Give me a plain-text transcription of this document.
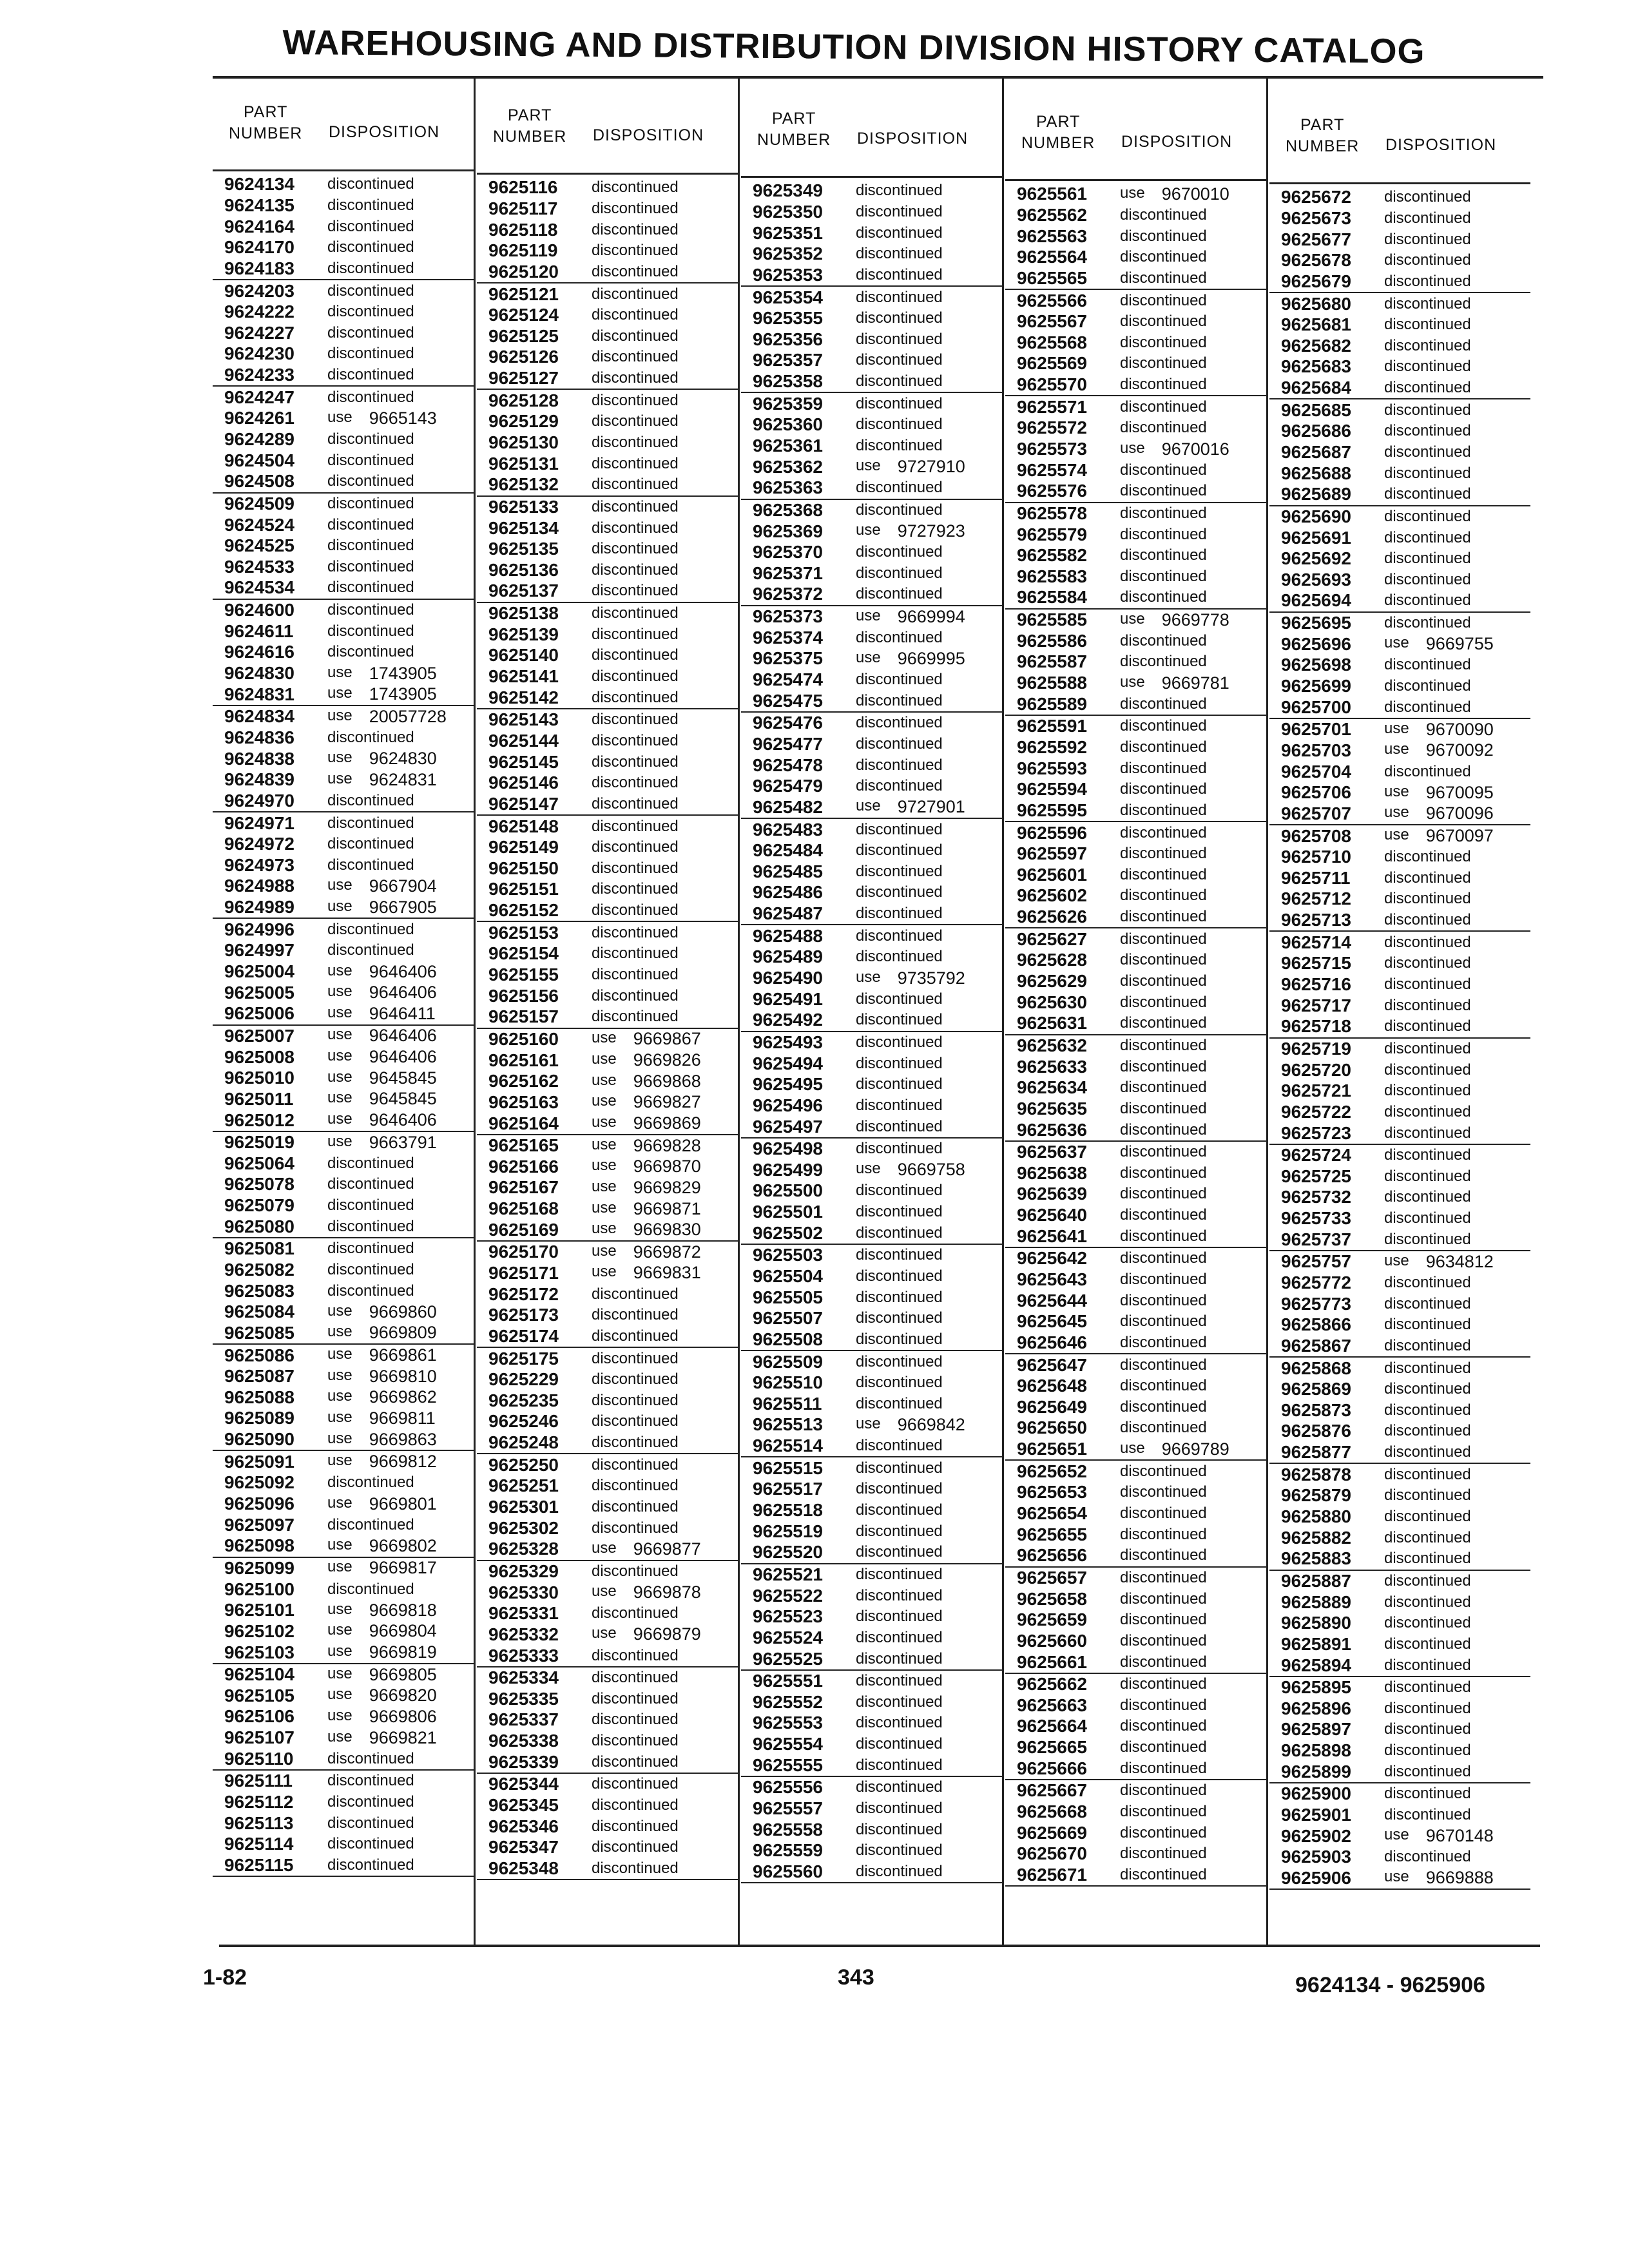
WAREHOUSING AND DISTRIBUTION DIVISION HISTORY CATALOG
PART
NUMBER DISPOSITION
9624134	discontinued
9624135	discontinued
9624164	discontinued
9624170	discontinued
9624183	discontinued
9624203	discontinued
9624222	discontinued
9624227	discontinued
9624230	discontinued
9624233	discontinued
9624247	discontinued
9624261	use 9665143
9624289	discontinued
9624504	discontinued
9624508	discontinued
9624509	discontinued
9624524	discontinued
9624525	discontinued
9624533	discontinued
9624534	discontinued
9624600	discontinued
9624611	discontinued
9624616	discontinued
9624830	use 1743905
9624831	use 1743905
9624834	use 20057728
9624836	discontinued
9624838	use 9624830
9624839	use 9624831
9624970	discontinued
9624971	discontinued
9624972	discontinued
9624973	discontinued
9624988	use 9667904
9624989	use 9667905
9624996	discontinued
9624997	discontinued
9625004	use 9646406
9625005	use 9646406
9625006	use 9646411
9625007	use 9646406
9625008	use 9646406
9625010	use 9645845
9625011	use 9645845
9625012	use 9646406
9625019	use 9663791
9625064	discontinued
9625078	discontinued
9625079	discontinued
9625080	discontinued
9625081	discontinued
9625082	discontinued
9625083	discontinued
9625084	use 9669860
9625085	use 9669809
9625086	use 9669861
9625087	use 9669810
9625088	use 9669862
9625089	use 9669811
9625090	use 9669863
9625091	use 9669812
9625092	discontinued
9625096	use 9669801
9625097	discontinued
9625098	use 9669802
9625099	use 9669817
9625100	discontinued
9625101	use 9669818
9625102	use 9669804
9625103	use 9669819
9625104	use 9669805
9625105	use 9669820
9625106	use 9669806
9625107	use 9669821
9625110	discontinued
9625111	discontinued
9625112	discontinued
9625113	discontinued
9625114	discontinued
9625115	discontinued
PART
NUMBER DISPOSITION
9625116	discontinued
9625117	discontinued
9625118	discontinued
9625119	discontinued
9625120	discontinued
9625121	discontinued
9625124	discontinued
9625125	discontinued
9625126	discontinued
9625127	discontinued
9625128	discontinued
9625129	discontinued
9625130	discontinued
9625131	discontinued
9625132	discontinued
9625133	discontinued
9625134	discontinued
9625135	discontinued
9625136	discontinued
9625137	discontinued
9625138	discontinued
9625139	discontinued
9625140	discontinued
9625141	discontinued
9625142	discontinued
9625143	discontinued
9625144	discontinued
9625145	discontinued
9625146	discontinued
9625147	discontinued
9625148	discontinued
9625149	discontinued
9625150	discontinued
9625151	discontinued
9625152	discontinued
9625153	discontinued
9625154	discontinued
9625155	discontinued
9625156	discontinued
9625157	discontinued
9625160	use 9669867
9625161	use 9669826
9625162	use 9669868
9625163	use 9669827
9625164	use 9669869
9625165	use 9669828
9625166	use 9669870
9625167	use 9669829
9625168	use 9669871
9625169	use 9669830
9625170	use 9669872
9625171	use 9669831
9625172	discontinued
9625173	discontinued
9625174	discontinued
9625175	discontinued
9625229	discontinued
9625235	discontinued
9625246	discontinued
9625248	discontinued
9625250	discontinued
9625251	discontinued
9625301	discontinued
9625302	discontinued
9625328	use 9669877
9625329	discontinued
9625330	use 9669878
9625331	discontinued
9625332	use 9669879
9625333	discontinued
9625334	discontinued
9625335	discontinued
9625337	discontinued
9625338	discontinued
9625339	discontinued
9625344	discontinued
9625345	discontinued
9625346	discontinued
9625347	discontinued
9625348	discontinued
PART
NUMBER DISPOSITION
9625349	discontinued
9625350	discontinued
9625351	discontinued
9625352	discontinued
9625353	discontinued
9625354	discontinued
9625355	discontinued
9625356	discontinued
9625357	discontinued
9625358	discontinued
9625359	discontinued
9625360	discontinued
9625361	discontinued
9625362	use 9727910
9625363	discontinued
9625368	discontinued
9625369	use 9727923
9625370	discontinued
9625371	discontinued
9625372	discontinued
9625373	use 9669994
9625374	discontinued
9625375	use 9669995
9625474	discontinued
9625475	discontinued
9625476	discontinued
9625477	discontinued
9625478	discontinued
9625479	discontinued
9625482	use 9727901
9625483	discontinued
9625484	discontinued
9625485	discontinued
9625486	discontinued
9625487	discontinued
9625488	discontinued
9625489	discontinued
9625490	use 9735792
9625491	discontinued
9625492	discontinued
9625493	discontinued
9625494	discontinued
9625495	discontinued
9625496	discontinued
9625497	discontinued
9625498	discontinued
9625499	use 9669758
9625500	discontinued
9625501	discontinued
9625502	discontinued
9625503	discontinued
9625504	discontinued
9625505	discontinued
9625507	discontinued
9625508	discontinued
9625509	discontinued
9625510	discontinued
9625511	discontinued
9625513	use 9669842
9625514	discontinued
9625515	discontinued
9625517	discontinued
9625518	discontinued
9625519	discontinued
9625520	discontinued
9625521	discontinued
9625522	discontinued
9625523	discontinued
9625524	discontinued
9625525	discontinued
9625551	discontinued
9625552	discontinued
9625553	discontinued
9625554	discontinued
9625555	discontinued
9625556	discontinued
9625557	discontinued
9625558	discontinued
9625559	discontinued
9625560	discontinued
PART
NUMBER DISPOSITION
9625561	use 9670010
9625562	discontinued
9625563	discontinued
9625564	discontinued
9625565	discontinued
9625566	discontinued
9625567	discontinued
9625568	discontinued
9625569	discontinued
9625570	discontinued
9625571	discontinued
9625572	discontinued
9625573	use 9670016
9625574	discontinued
9625576	discontinued
9625578	discontinued
9625579	discontinued
9625582	discontinued
9625583	discontinued
9625584	discontinued
9625585	use 9669778
9625586	discontinued
9625587	discontinued
9625588	use 9669781
9625589	discontinued
9625591	discontinued
9625592	discontinued
9625593	discontinued
9625594	discontinued
9625595	discontinued
9625596	discontinued
9625597	discontinued
9625601	discontinued
9625602	discontinued
9625626	discontinued
9625627	discontinued
9625628	discontinued
9625629	discontinued
9625630	discontinued
9625631	discontinued
9625632	discontinued
9625633	discontinued
9625634	discontinued
9625635	discontinued
9625636	discontinued
9625637	discontinued
9625638	discontinued
9625639	discontinued
9625640	discontinued
9625641	discontinued
9625642	discontinued
9625643	discontinued
9625644	discontinued
9625645	discontinued
9625646	discontinued
9625647	discontinued
9625648	discontinued
9625649	discontinued
9625650	discontinued
9625651	use 9669789
9625652	discontinued
9625653	discontinued
9625654	discontinued
9625655	discontinued
9625656	discontinued
9625657	discontinued
9625658	discontinued
9625659	discontinued
9625660	discontinued
9625661	discontinued
9625662	discontinued
9625663	discontinued
9625664	discontinued
9625665	discontinued
9625666	discontinued
9625667	discontinued
9625668	discontinued
9625669	discontinued
9625670	discontinued
9625671	discontinued
PART
NUMBER DISPOSITION
9625672	discontinued
9625673	discontinued
9625677	discontinued
9625678	discontinued
9625679	discontinued
9625680	discontinued
9625681	discontinued
9625682	discontinued
9625683	discontinued
9625684	discontinued
9625685	discontinued
9625686	discontinued
9625687	discontinued
9625688	discontinued
9625689	discontinued
9625690	discontinued
9625691	discontinued
9625692	discontinued
9625693	discontinued
9625694	discontinued
9625695	discontinued
9625696	use 9669755
9625698	discontinued
9625699	discontinued
9625700	discontinued
9625701	use 9670090
9625703	use 9670092
9625704	discontinued
9625706	use 9670095
9625707	use 9670096
9625708	use 9670097
9625710	discontinued
9625711	discontinued
9625712	discontinued
9625713	discontinued
9625714	discontinued
9625715	discontinued
9625716	discontinued
9625717	discontinued
9625718	discontinued
9625719	discontinued
9625720	discontinued
9625721	discontinued
9625722	discontinued
9625723	discontinued
9625724	discontinued
9625725	discontinued
9625732	discontinued
9625733	discontinued
9625737	discontinued
9625757	use 9634812
9625772	discontinued
9625773	discontinued
9625866	discontinued
9625867	discontinued
9625868	discontinued
9625869	discontinued
9625873	discontinued
9625876	discontinued
9625877	discontinued
9625878	discontinued
9625879	discontinued
9625880	discontinued
9625882	discontinued
9625883	discontinued
9625887	discontinued
9625889	discontinued
9625890	discontinued
9625891	discontinued
9625894	discontinued
9625895	discontinued
9625896	discontinued
9625897	discontinued
9625898	discontinued
9625899	discontinued
9625900	discontinued
9625901	discontinued
9625902	use 9670148
9625903	discontinued
9625906	use 9669888
1-82	343	9624134 - 9625906
